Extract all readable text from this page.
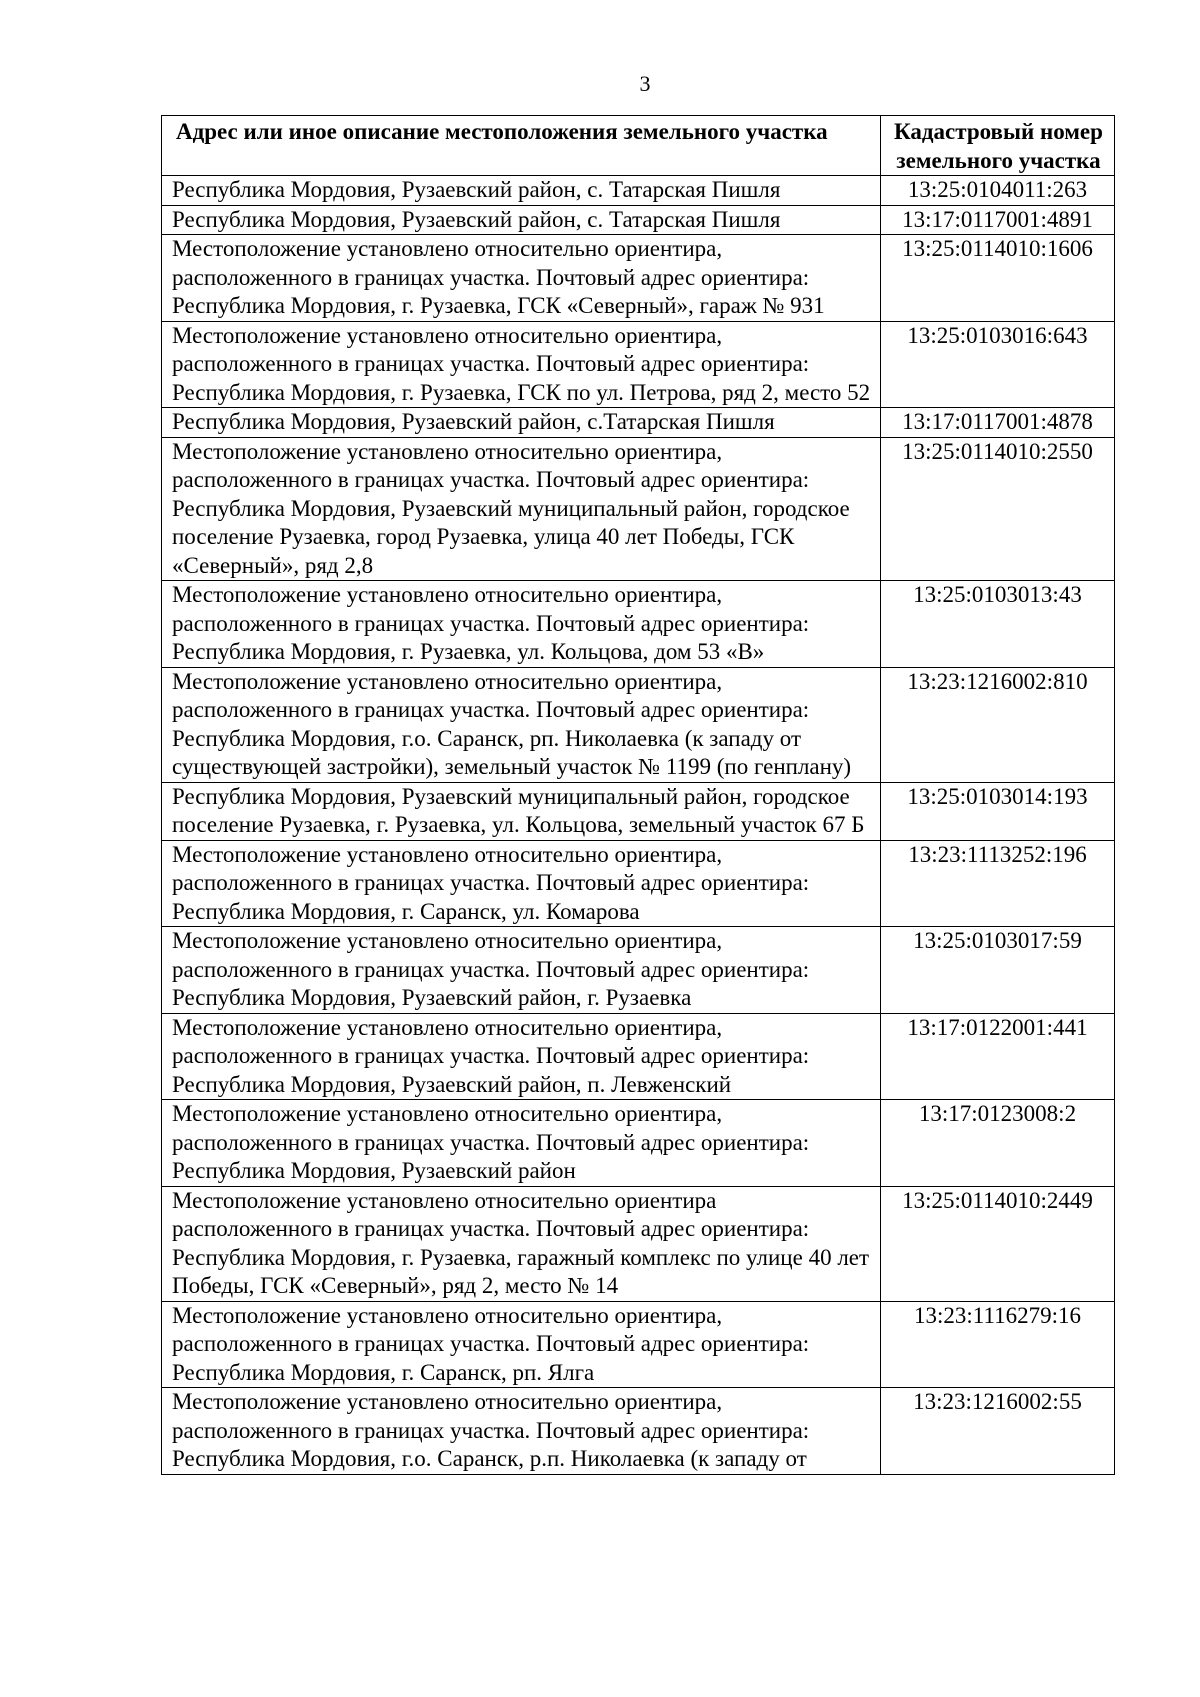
3
Адрес или иное описание местоположения земельного участка	Кадастровый номер земельного участка
Республика Мордовия, Рузаевский район, с. Татарская Пишля	13:25:0104011:263
Республика Мордовия, Рузаевский район, с. Татарская Пишля	13:17:0117001:4891
Местоположение установлено относительно ориентира, расположенного в границах участка. Почтовый адрес ориентира: Республика Мордовия, г. Рузаевка, ГСК «Северный», гараж № 931	13:25:0114010:1606
Местоположение установлено относительно ориентира, расположенного в границах участка. Почтовый адрес ориентира: Республика Мордовия, г. Рузаевка, ГСК по ул. Петрова, ряд 2, место 52	13:25:0103016:643
Республика Мордовия, Рузаевский район, с.Татарская Пишля	13:17:0117001:4878
Местоположение установлено относительно ориентира, расположенного в границах участка. Почтовый адрес ориентира: Республика Мордовия, Рузаевский муниципальный район, городское поселение Рузаевка, город Рузаевка, улица 40 лет Победы, ГСК «Северный», ряд 2,8	13:25:0114010:2550
Местоположение установлено относительно ориентира, расположенного в границах участка. Почтовый адрес ориентира: Республика Мордовия, г. Рузаевка, ул. Кольцова, дом 53 «В»	13:25:0103013:43
Местоположение установлено относительно ориентира, расположенного в границах участка. Почтовый адрес ориентира: Республика Мордовия, г.о. Саранск, рп. Николаевка (к западу от существующей застройки), земельный участок № 1199 (по генплану)	13:23:1216002:810
Республика Мордовия, Рузаевский муниципальный район, городское поселение Рузаевка, г. Рузаевка, ул. Кольцова, земельный участок 67 Б	13:25:0103014:193
Местоположение установлено относительно ориентира, расположенного в границах участка. Почтовый адрес ориентира: Республика Мордовия, г. Саранск, ул. Комарова	13:23:1113252:196
Местоположение установлено относительно ориентира, расположенного в границах участка. Почтовый адрес ориентира: Республика Мордовия, Рузаевский район, г. Рузаевка	13:25:0103017:59
Местоположение установлено относительно ориентира, расположенного в границах участка. Почтовый адрес ориентира: Республика Мордовия, Рузаевский район, п. Левженский	13:17:0122001:441
Местоположение установлено относительно ориентира, расположенного в границах участка. Почтовый адрес ориентира: Республика Мордовия, Рузаевский район	13:17:0123008:2
Местоположение установлено относительно ориентира расположенного в границах участка. Почтовый адрес ориентира: Республика Мордовия, г. Рузаевка, гаражный комплекс по улице 40 лет Победы, ГСК «Северный», ряд 2, место № 14	13:25:0114010:2449
Местоположение установлено относительно ориентира, расположенного в границах участка. Почтовый адрес ориентира: Республика Мордовия, г. Саранск, рп. Ялга	13:23:1116279:16
Местоположение установлено относительно ориентира, расположенного в границах участка. Почтовый адрес ориентира: Республика Мордовия, г.о. Саранск, р.п. Николаевка (к западу от	13:23:1216002:55
